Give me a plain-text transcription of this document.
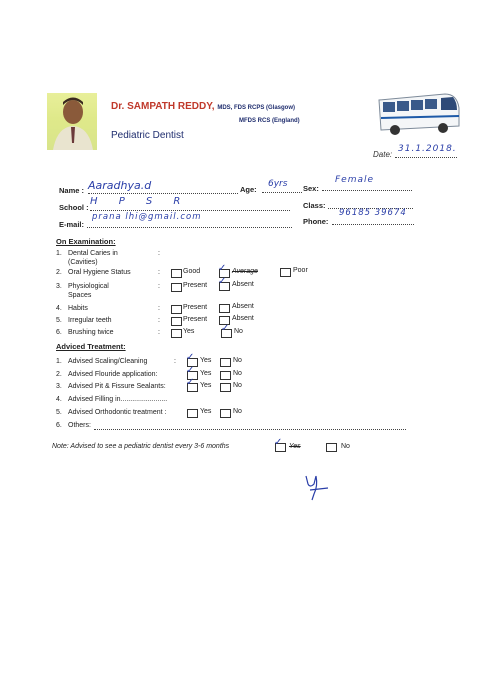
Dr. SAMPATH REDDY, MDS, FDS RCPS (Glasgow)
MFDS RCS (England)
Pediatric Dentist
Date:
31.1.2018.
Name : Aaradhya.d	Age:
6yrs Sex:
Female
School :
H P S R	Class:
E-mail:
prana lhi@gmail.com	Phone:
96185 39674
On Examination:
1. Dental Caries in
(Cavities)
:
2. Oral Hygiene Status	:	Good ✓ Average	Poor
3. Physiological
Spaces
:	Present ✓ Absent
4. Habits	:	Present	Absent
5. Irregular teeth	:	Present	Absent
6. Brushing twice	:	Yes	✓ No
Adviced Treatment:
1. Advised Scaling/Cleaning	: ✓ Yes	No
2. Advised Flouride application:	✓ Yes	No
3. Advised Pit & Fissure Sealants: ✓ Yes	No
4. Advised Filling in........................
5. Advised Orthodontic treatment :	Yes	No
6. Others:
Note: Advised to see a pediatric dentist every 3-6 months	✓ Yes	No
